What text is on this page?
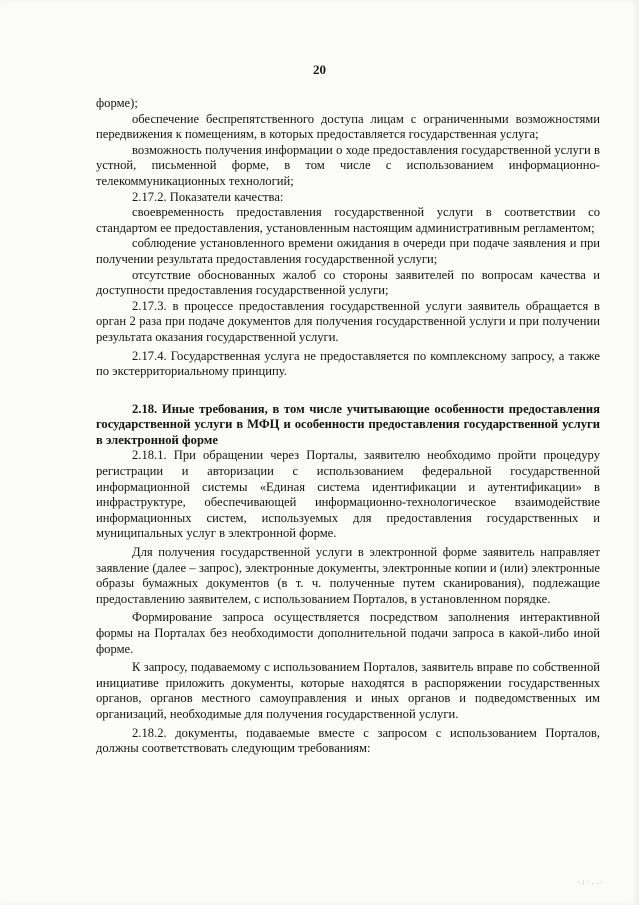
20

форме);

обеспечение беспрепятственного доступа лицам с ограниченными возможностями передвижения к помещениям, в которых предоставляется государственная услуга;

возможность получения информации о ходе предоставления государственной услуги в устной, письменной форме, в том числе с использованием информационно-телекоммуникационных технологий;

2.17.2. Показатели качества:

своевременность предоставления государственной услуги в соответствии со стандартом ее предоставления, установленным настоящим административным регламентом;

соблюдение установленного времени ожидания в очереди при подаче заявления и при получении результата предоставления государственной услуги;

отсутствие обоснованных жалоб со стороны заявителей по вопросам качества и доступности предоставления государственной услуги;

2.17.3. в процессе предоставления государственной услуги заявитель обращается в орган 2 раза при подаче документов для получения государственной услуги и при получении результата оказания государственной услуги.

2.17.4. Государственная услуга не предоставляется по комплексному запросу, а также по экстерриториальному принципу.

2.18. Иные требования, в том числе учитывающие особенности предоставления государственной услуги в МФЦ и особенности предоставления государственной услуги в электронной форме

2.18.1. При обращении через Порталы, заявителю необходимо пройти процедуру регистрации и авторизации с использованием федеральной государственной информационной системы «Единая система идентификации и аутентификации» в инфраструктуре, обеспечивающей информационно-технологическое взаимодействие информационных систем, используемых для предоставления государственных и муниципальных услуг в электронной форме.

Для получения государственной услуги в электронной форме заявитель направляет заявление (далее – запрос), электронные документы, электронные копии и (или) электронные образы бумажных документов (в т. ч. полученные путем сканирования), подлежащие предоставлению заявителем, с использованием Порталов, в установленном порядке.

Формирование запроса осуществляется посредством заполнения интерактивной формы на Порталах без необходимости дополнительной подачи запроса в какой-либо иной форме.

К запросу, подаваемому с использованием Порталов, заявитель вправе по собственной инициативе приложить документы, которые находятся в распоряжении государственных органов, органов местного самоуправления и иных органов и подведомственных им организаций, необходимые для получения государственной услуги.

2.18.2. документы, подаваемые вместе с запросом с использованием Порталов, должны соответствовать следующим требованиям:

·:·..·
